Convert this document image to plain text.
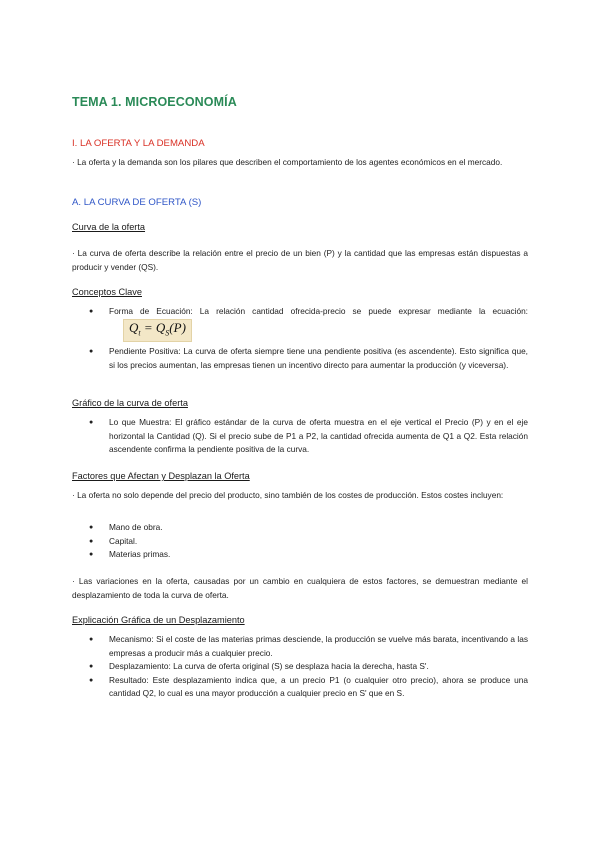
TEMA 1. MICROECONOMÍA
I. LA OFERTA Y LA DEMANDA
· La oferta y la demanda son los pilares que describen el comportamiento de los agentes económicos en el mercado.
A. LA CURVA DE OFERTA (S)
Curva de la oferta
· La curva de oferta describe la relación entre el precio de un bien (P) y la cantidad que las empresas están dispuestas a producir y vender (QS).
Conceptos Clave
● Forma de Ecuación: La relación cantidad ofrecida-precio se puede expresar mediante la ecuación: $Q_t = Q_S(P)$
● Pendiente Positiva: La curva de oferta siempre tiene una pendiente positiva (es ascendente). Esto significa que, si los precios aumentan, las empresas tienen un incentivo directo para aumentar la producción (y viceversa).
Gráfico de la curva de oferta
● Lo que Muestra: El gráfico estándar de la curva de oferta muestra en el eje vertical el Precio (P) y en el eje horizontal la Cantidad (Q). Si el precio sube de P1 a P2, la cantidad ofrecida aumenta de Q1 a Q2. Esta relación ascendente confirma la pendiente positiva de la curva.
Factores que Afectan y Desplazan la Oferta
· La oferta no solo depende del precio del producto, sino también de los costes de producción. Estos costes incluyen:
● Mano de obra.
● Capital.
● Materias primas.
· Las variaciones en la oferta, causadas por un cambio en cualquiera de estos factores, se demuestran mediante el desplazamiento de toda la curva de oferta.
Explicación Gráfica de un Desplazamiento
● Mecanismo: Si el coste de las materias primas desciende, la producción se vuelve más barata, incentivando a las empresas a producir más a cualquier precio.
● Desplazamiento: La curva de oferta original (S) se desplaza hacia la derecha, hasta S'.
● Resultado: Este desplazamiento indica que, a un precio P1 (o cualquier otro precio), ahora se produce una cantidad Q2, lo cual es una mayor producción a cualquier precio en S' que en S.
